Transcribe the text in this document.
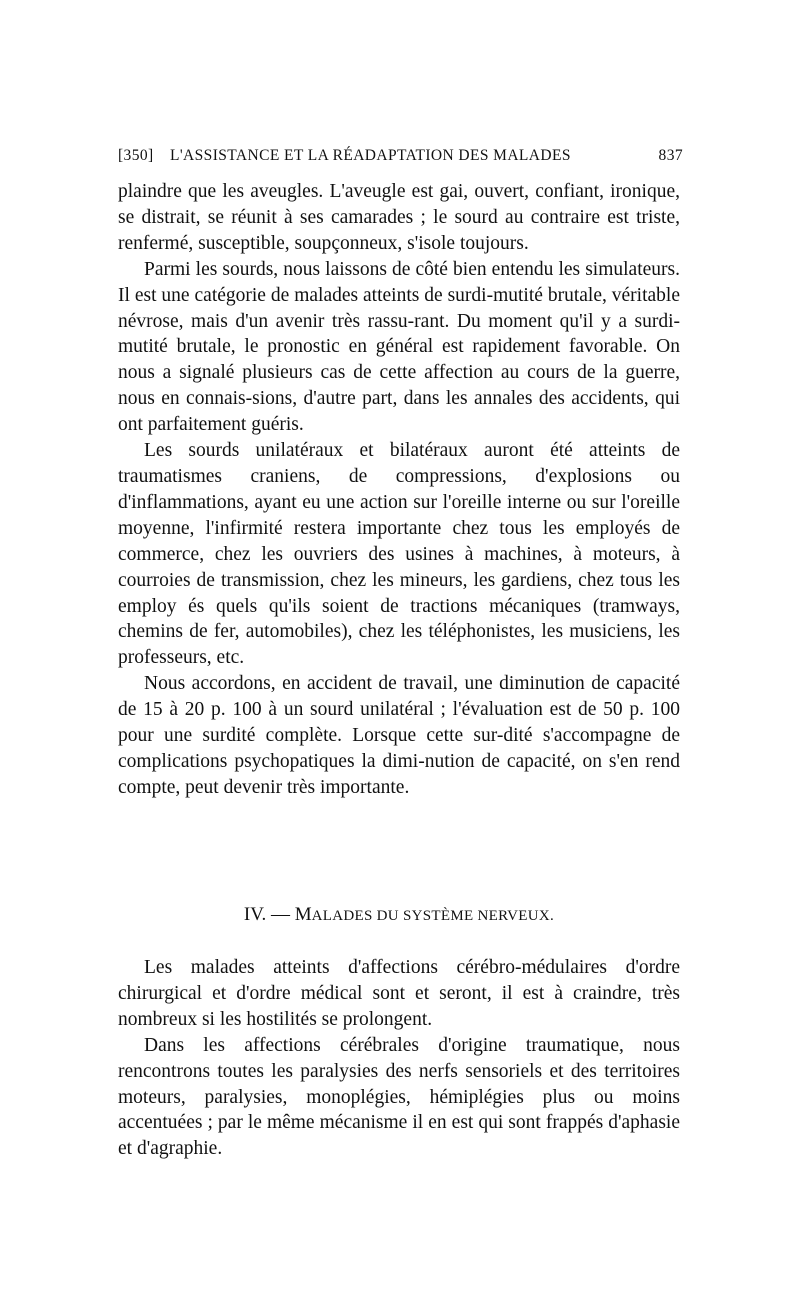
[350] L'ASSISTANCE ET LA RÉADAPTATION DES MALADES	837

plaindre que les aveugles. L'aveugle est gai, ouvert, confiant, ironique, se distrait, se réunit à ses camarades ; le sourd au contraire est triste, renfermé, susceptible, soupçonneux, s'isole toujours.

Parmi les sourds, nous laissons de côté bien entendu les simulateurs. Il est une catégorie de malades atteints de surdi-mutité brutale, véritable névrose, mais d'un avenir très rassu-rant. Du moment qu'il y a surdi-mutité brutale, le pronostic en général est rapidement favorable. On nous a signalé plusieurs cas de cette affection au cours de la guerre, nous en connais-sions, d'autre part, dans les annales des accidents, qui ont parfaitement guéris.

Les sourds unilatéraux et bilatéraux auront été atteints de traumatismes craniens, de compressions, d'explosions ou d'inflammations, ayant eu une action sur l'oreille interne ou sur l'oreille moyenne, l'infirmité restera importante chez tous les employés de commerce, chez les ouvriers des usines à machines, à moteurs, à courroies de transmission, chez les mineurs, les gardiens, chez tous les employ és quels qu'ils soient de tractions mécaniques (tramways, chemins de fer, automobiles), chez les téléphonistes, les musiciens, les professeurs, etc.

Nous accordons, en accident de travail, une diminution de capacité de 15 à 20 p. 100 à un sourd unilatéral ; l'évaluation est de 50 p. 100 pour une surdité complète. Lorsque cette sur-dité s'accompagne de complications psychopatiques la dimi-nution de capacité, on s'en rend compte, peut devenir très importante.

IV. — MALADES DU SYSTÈME NERVEUX.

Les malades atteints d'affections cérébro-médulaires d'ordre chirurgical et d'ordre médical sont et seront, il est à craindre, très nombreux si les hostilités se prolongent.

Dans les affections cérébrales d'origine traumatique, nous rencontrons toutes les paralysies des nerfs sensoriels et des territoires moteurs, paralysies, monoplégies, hémiplégies plus ou moins accentuées ; par le même mécanisme il en est qui sont frappés d'aphasie et d'agraphie.
